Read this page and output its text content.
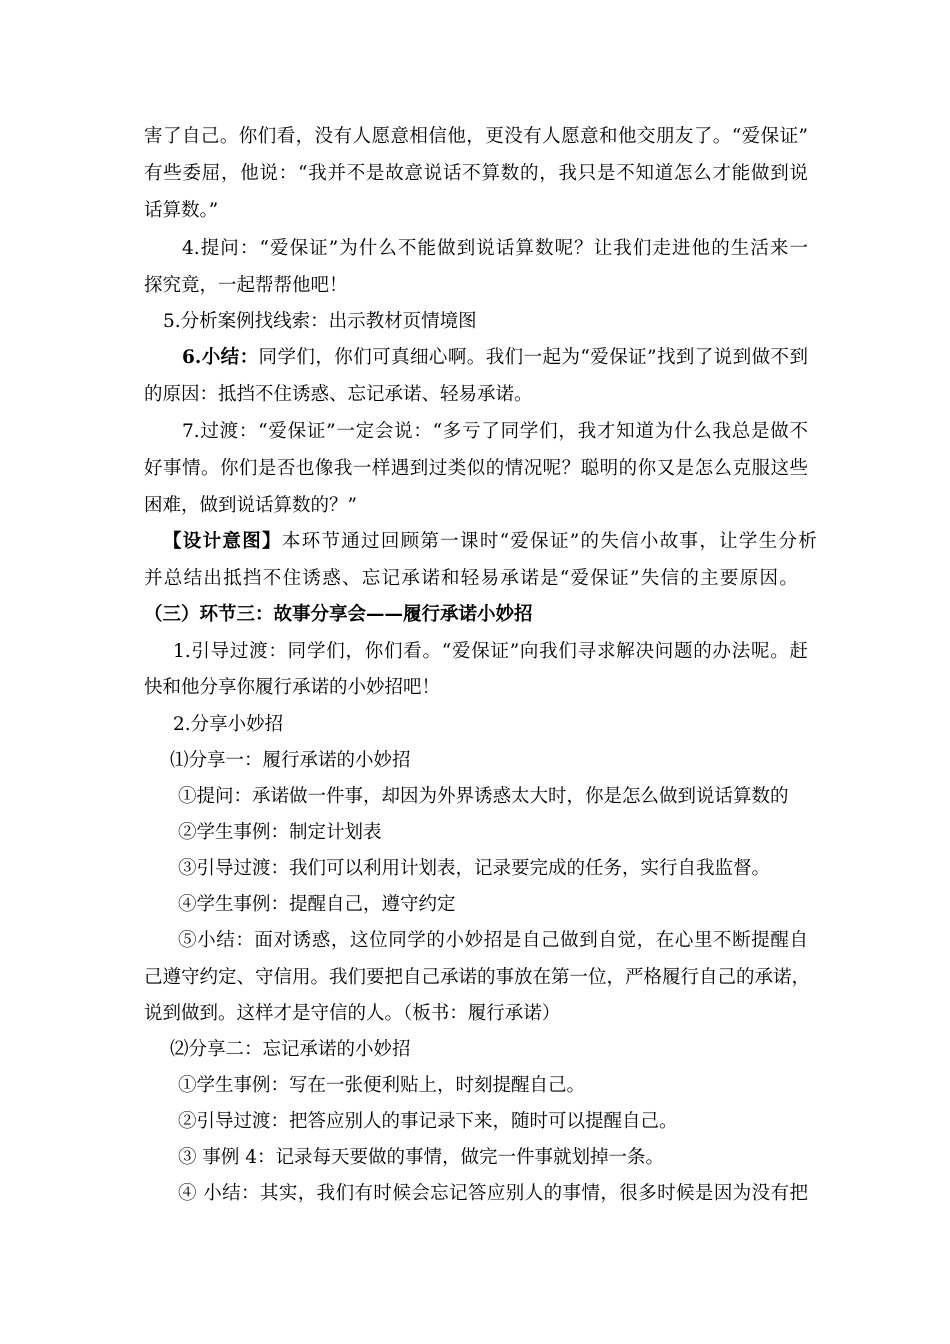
害了自己。你们看，没有人愿意相信他，更没有人愿意和他交朋友了。“爱保证”
有些委屈，他说：“我并不是故意说话不算数的，我只是不知道怎么才能做到说
话算数。”
4.提问：“爱保证”为什么不能做到说话算数呢？让我们走进他的生活来一
探究竟，一起帮帮他吧！
5.分析案例找线索：出示教材页情境图
6.小结：同学们，你们可真细心啊。我们一起为“爱保证”找到了说到做不到
的原因：抵挡不住诱惑、忘记承诺、轻易承诺。
7.过渡：“爱保证”一定会说：“多亏了同学们，我才知道为什么我总是做不
好事情。你们是否也像我一样遇到过类似的情况呢？聪明的你又是怎么克服这些
困难，做到说话算数的？”
【设计意图】本环节通过回顾第一课时“爱保证”的失信小故事，让学生分析
并总结出抵挡不住诱惑、忘记承诺和轻易承诺是“爱保证”失信的主要原因。
（三）环节三：故事分享会——履行承诺小妙招
1.引导过渡：同学们，你们看。“爱保证”向我们寻求解决问题的办法呢。赶
快和他分享你履行承诺的小妙招吧！
2.分享小妙招
⑴分享一：履行承诺的小妙招
①提问：承诺做一件事，却因为外界诱惑太大时，你是怎么做到说话算数的
②学生事例：制定计划表
③引导过渡：我们可以利用计划表，记录要完成的任务，实行自我监督。
④学生事例：提醒自己，遵守约定
⑤小结：面对诱惑，这位同学的小妙招是自己做到自觉，在心里不断提醒自
己遵守约定、守信用。我们要把自己承诺的事放在第一位，严格履行自己的承诺，
说到做到。这样才是守信的人。（板书：履行承诺）
⑵分享二：忘记承诺的小妙招
①学生事例：写在一张便利贴上，时刻提醒自己。
②引导过渡：把答应别人的事记录下来，随时可以提醒自己。
③ 事例 4：记录每天要做的事情，做完一件事就划掉一条。
④ 小结：其实，我们有时候会忘记答应别人的事情，很多时候是因为没有把
